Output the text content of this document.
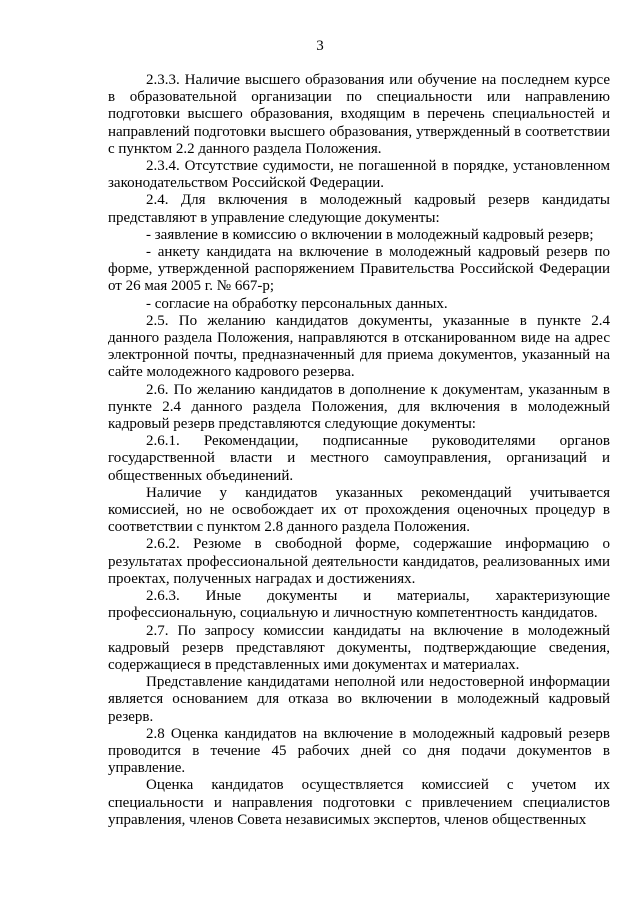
3

2.3.3. Наличие высшего образования или обучение на последнем курсе в образовательной организации по специальности или направлению подготовки высшего образования, входящим в перечень специальностей и направлений подготовки высшего образования, утвержденный в соответствии с пунктом 2.2 данного раздела Положения.

2.3.4. Отсутствие судимости, не погашенной в порядке, установленном законодательством Российской Федерации.

2.4. Для включения в молодежный кадровый резерв кандидаты представляют в управление следующие документы:

- заявление в комиссию о включении в молодежный кадровый резерв;

- анкету кандидата на включение в молодежный кадровый резерв по форме, утвержденной распоряжением Правительства Российской Федерации от 26 мая 2005 г. № 667-р;

- согласие на обработку персональных данных.

2.5. По желанию кандидатов документы, указанные в пункте 2.4 данного раздела Положения, направляются в отсканированном виде на адрес электронной почты, предназначенный для приема документов, указанный на сайте молодежного кадрового резерва.

2.6. По желанию кандидатов в дополнение к документам, указанным в пункте 2.4 данного раздела Положения, для включения в молодежный кадровый резерв представляются следующие документы:

2.6.1. Рекомендации, подписанные руководителями органов государственной власти и местного самоуправления, организаций и общественных объединений.

Наличие у кандидатов указанных рекомендаций учитывается комиссией, но не освобождает их от прохождения оценочных процедур в соответствии с пунктом 2.8 данного раздела Положения.

2.6.2. Резюме в свободной форме, содержашие информацию о результатах профессиональной деятельности кандидатов, реализованных ими проектах, полученных наградах и достижениях.

2.6.3. Иные документы и материалы, характеризующие профессиональную, социальную и личностную компетентность кандидатов.

2.7. По запросу комиссии кандидаты на включение в молодежный кадровый резерв представляют документы, подтверждающие сведения, содержащиеся в представленных ими документах и материалах.

Представление кандидатами неполной или недостоверной информации является основанием для отказа во включении в молодежный кадровый резерв.

2.8 Оценка кандидатов на включение в молодежный кадровый резерв проводится в течение 45 рабочих дней со дня подачи документов в управление.

Оценка кандидатов осуществляется комиссией с учетом их специальности и направления подготовки с привлечением специалистов управления, членов Совета независимых экспертов, членов общественных
